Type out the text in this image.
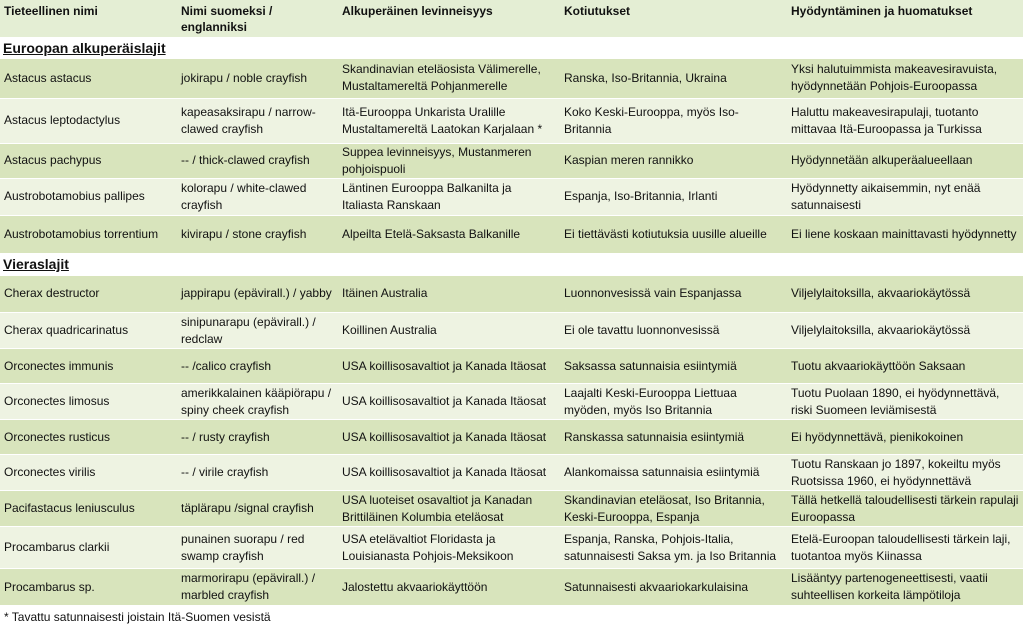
Tieteellinen nimi	Nimi suomeksi / englanniksi	Alkuperäinen levinneisyys	Kotiutukset	Hyödyntäminen ja huomatukset
Euroopan alkuperäislajit				
Astacus astacus	jokirapu / noble crayfish	Skandinavian eteläosista Välimerelle, Mustaltamereltä Pohjanmerelle	Ranska, Iso-Britannia, Ukraina	Yksi halutuimmista makeavesiravuista, hyödynnetään Pohjois-Euroopassa
Astacus leptodactylus	kapeasaksirapu / narrow-clawed crayfish	Itä-Eurooppa Unkarista Uralille Mustaltamereltä Laatokan Karjalaan *	Koko Keski-Eurooppa, myös Iso-Britannia	Haluttu makeavesirapulaji, tuotanto mittavaa Itä-Euroopassa ja Turkissa
Astacus pachypus	-- / thick-clawed crayfish	Suppea levinneisyys, Mustanmeren pohjoispuoli	Kaspian meren rannikko	Hyödynnetään alkuperäalueellaan
Austrobotamobius pallipes	kolorapu / white-clawed crayfish	Läntinen Eurooppa Balkanilta ja Italiasta Ranskaan	Espanja, Iso-Britannia, Irlanti	Hyödynnetty aikaisemmin, nyt enää satunnaisesti
Austrobotamobius torrentium	kivirapu / stone crayfish	Alpeilta Etelä-Saksasta Balkanille	Ei tiettävästi kotiutuksia uusille alueille	Ei liene koskaan mainittavasti hyödynnetty
Vieraslajit				
Cherax destructor	jappirapu (epävirall.) / yabby	Itäinen Australia	Luonnonvesissä vain Espanjassa	Viljelylaitoksilla, akvaariokäytössä
Cherax quadricarinatus	sinipunarapu (epävirall.) / redclaw	Koillinen Australia	Ei ole tavattu luonnonvesissä	Viljelylaitoksilla, akvaariokäytössä
Orconectes immunis	-- /calico crayfish	USA koillisosavaltiot ja Kanada Itäosat	Saksassa satunnaisia esiintymiä	Tuotu akvaariokäyttöön Saksaan
Orconectes limosus	amerikkalainen kääpiörapu / spiny cheek crayfish	USA koillisosavaltiot ja Kanada Itäosat	Laajalti Keski-Eurooppa Liettuaa myöden, myös Iso Britannia	Tuotu Puolaan 1890, ei hyödynnettävä, riski Suomeen leviämisestä
Orconectes rusticus	-- / rusty crayfish	USA koillisosavaltiot ja Kanada Itäosat	Ranskassa satunnaisia esiintymiä	Ei hyödynnettävä, pienikokoinen
Orconectes virilis	-- / virile crayfish	USA koillisosavaltiot ja Kanada Itäosat	Alankomaissa satunnaisia esiintymiä	Tuotu Ranskaan jo 1897, kokeiltu myös Ruotsissa 1960, ei hyödynnettävä
Pacifastacus leniusculus	täplärapu /signal crayfish	USA luoteiset osavaltiot ja Kanadan Brittiläinen Kolumbia eteläosat	Skandinavian eteläosat, Iso Britannia, Keski-Eurooppa, Espanja	Tällä hetkellä taloudellisesti tärkein rapulaji Euroopassa
Procambarus clarkii	punainen suorapu / red swamp crayfish	USA etelävaltiot Floridasta ja Louisianasta Pohjois-Meksikoon	Espanja, Ranska, Pohjois-Italia, satunnaisesti Saksa ym. ja Iso Britannia	Etelä-Euroopan taloudellisesti tärkein laji, tuotantoa myös Kiinassa
Procambarus sp.	marmorirapu (epävirall.) / marbled crayfish	Jalostettu akvaariokäyttöön	Satunnaisesti akvaariokarkulaisina	Lisääntyy partenogeneettisesti, vaatii suhteellisen korkeita lämpötiloja
* Tavattu satunnaisesti joistain Itä-Suomen vesistä
